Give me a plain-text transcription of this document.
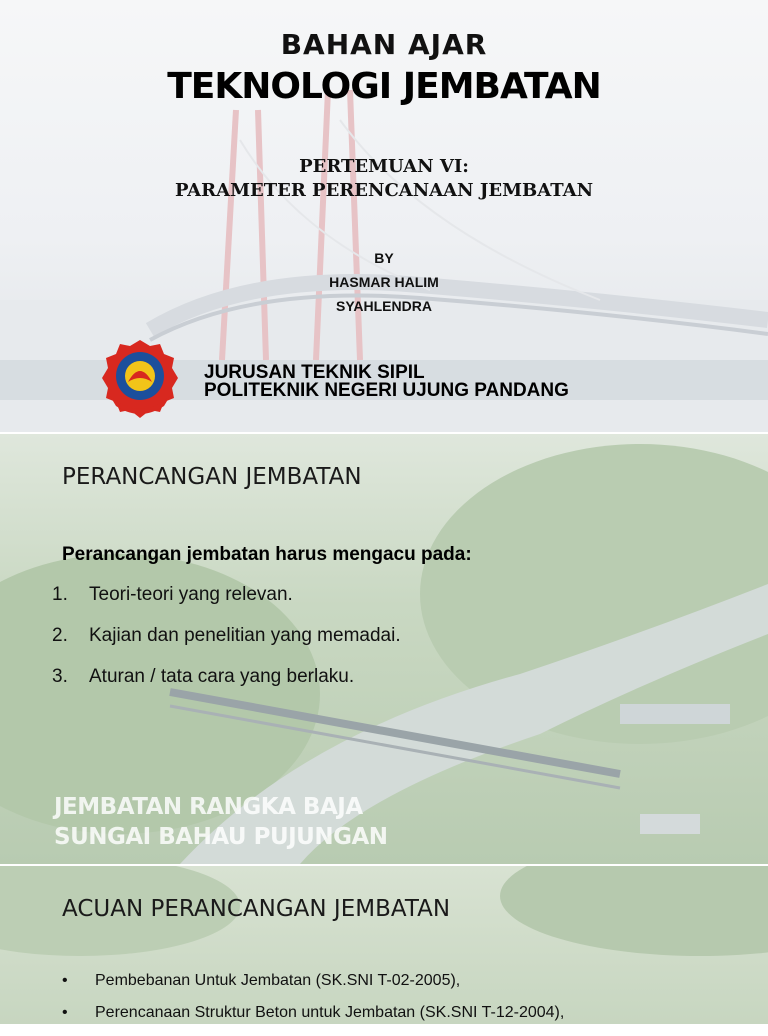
BAHAN AJAR
TEKNOLOGI JEMBATAN
PERTEMUAN VI:
PARAMETER PERENCANAAN JEMBATAN
BY
HASMAR HALIM
SYAHLENDRA
JURUSAN TEKNIK SIPIL
POLITEKNIK NEGERI UJUNG PANDANG
PERANCANGAN JEMBATAN
Perancangan jembatan harus mengacu pada:
1.	Teori-teori yang relevan.
2.	Kajian dan penelitian yang memadai.
3.	Aturan / tata cara yang berlaku.
JEMBATAN RANGKA BAJA
SUNGAI BAHAU PUJUNGAN
ACUAN PERANCANGAN JEMBATAN
•	Pembebanan Untuk Jembatan (SK.SNI T-02-2005),
•	Perencanaan Struktur Beton untuk Jembatan (SK.SNI T-12-2004),
